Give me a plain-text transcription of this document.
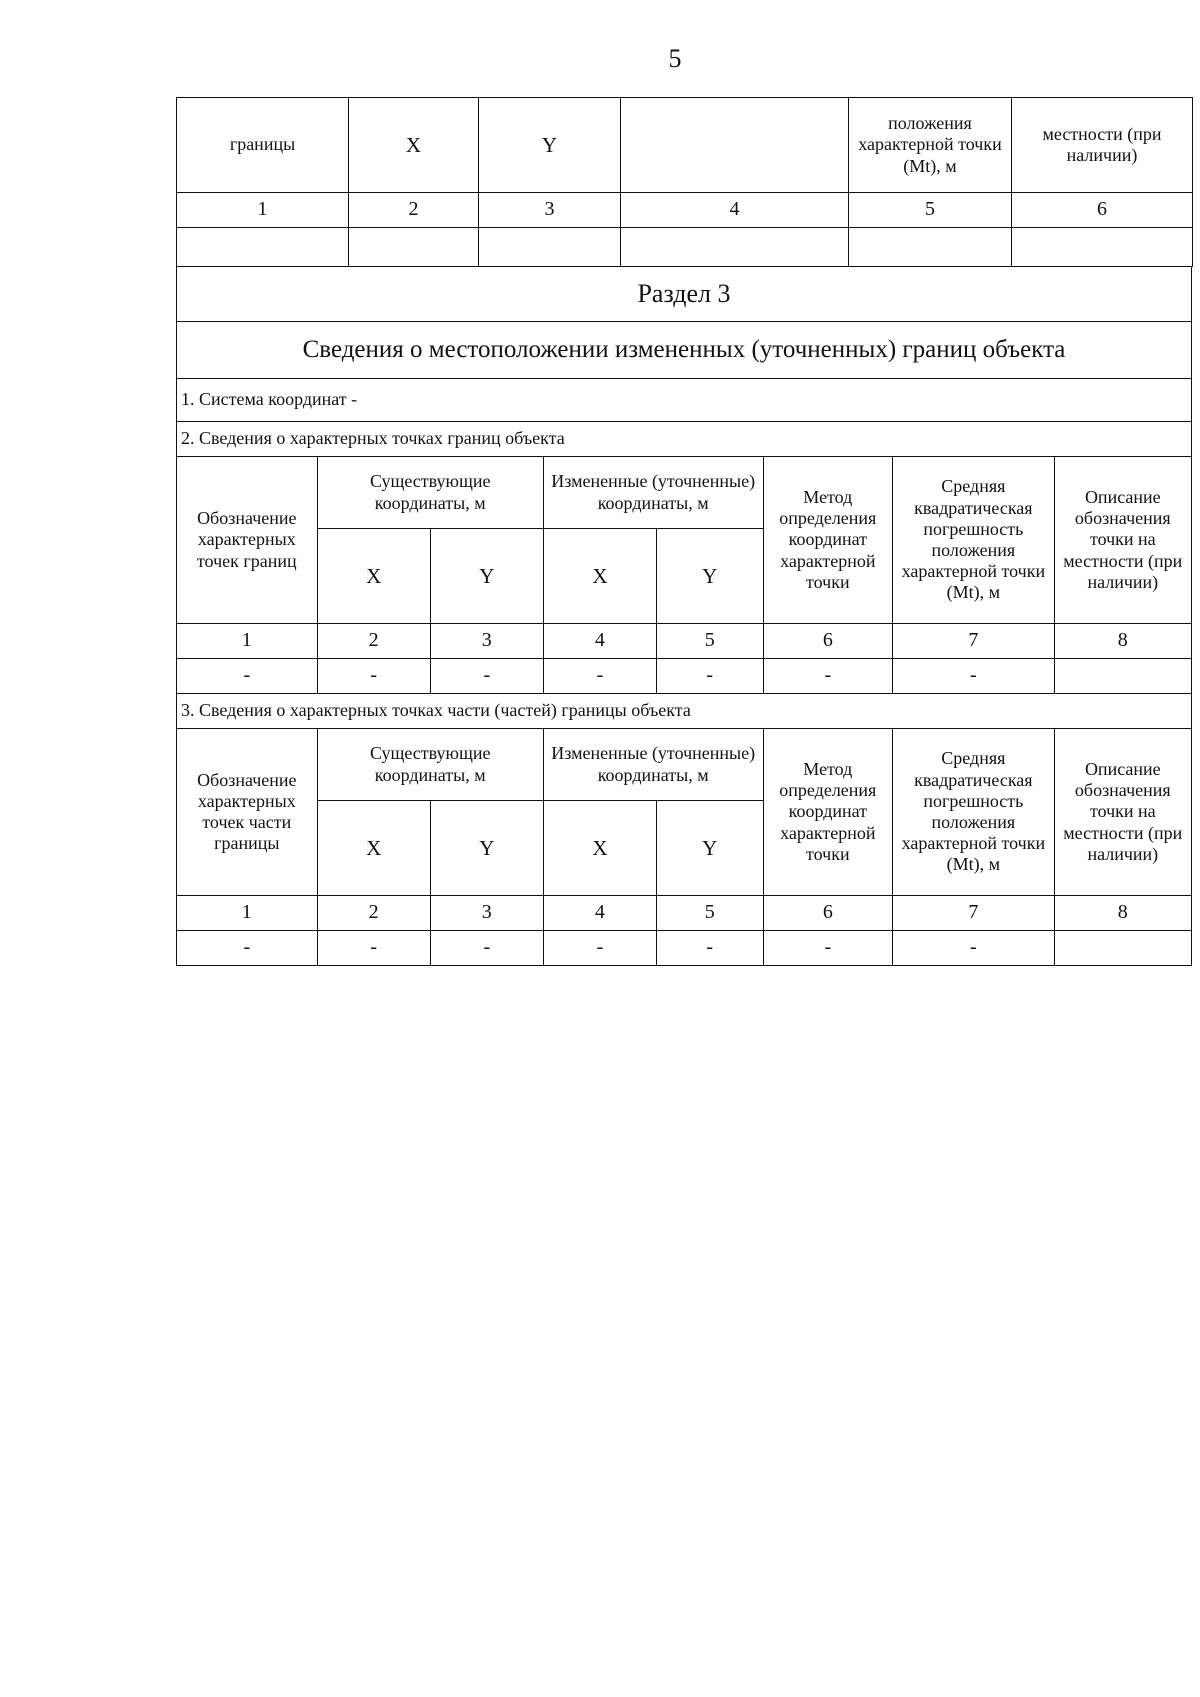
5
границы	X	Y		положения характерной точки (Mt), м	местности (при наличии)
1	2	3	4	5	6

Раздел 3							
Сведения о местоположении измененных (уточненных) границ объекта							
1. Система координат -							
2. Сведения о характерных точках границ объекта							
Обозначение характерных точек границ	Существующие координаты, м		Измененные (уточненные) координаты, м		Метод определения координат характерной точки	Средняя квадратическая погрешность положения характерной точки (Mt), м	Описание обозначения точки на местности (при наличии)
	X	Y	X	Y			
1	2	3	4	5	6	7	8
-	-	-	-	-	-	-	
3. Сведения о характерных точках части (частей) границы объекта							
Обозначение характерных точек части границы	Существующие координаты, м		Измененные (уточненные) координаты, м		Метод определения координат характерной точки	Средняя квадратическая погрешность положения характерной точки (Mt), м	Описание обозначения точки на местности (при наличии)
	X	Y	X	Y			
1	2	3	4	5	6	7	8
-	-	-	-	-	-	-	
